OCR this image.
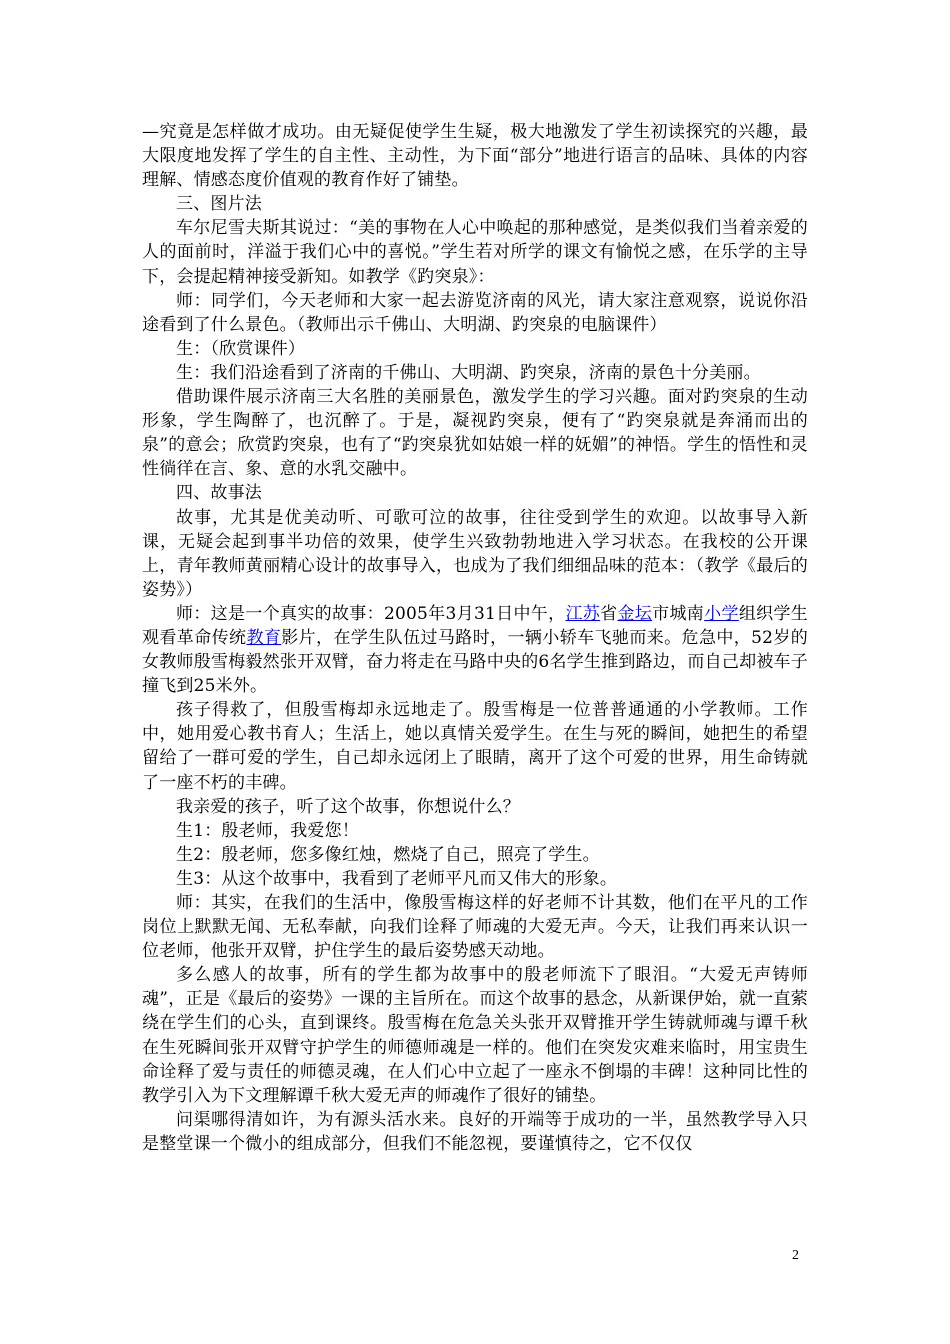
—究竟是怎样做才成功。由无疑促使学生生疑，极大地激发了学生初读探究的兴趣，最大限度地发挥了学生的自主性、主动性，为下面“部分”地进行语言的品味、具体的内容理解、情感态度价值观的教育作好了铺垫。

三、图片法

车尔尼雪夫斯其说过：“美的事物在人心中唤起的那种感觉，是类似我们当着亲爱的人的面前时，洋溢于我们心中的喜悦。”学生若对所学的课文有愉悦之感，在乐学的主导下，会提起精神接受新知。如教学《趵突泉》：

师：同学们，今天老师和大家一起去游览济南的风光，请大家注意观察，说说你沿途看到了什么景色。（教师出示千佛山、大明湖、趵突泉的电脑课件）

生：（欣赏课件）

生：我们沿途看到了济南的千佛山、大明湖、趵突泉，济南的景色十分美丽。

借助课件展示济南三大名胜的美丽景色，激发学生的学习兴趣。面对趵突泉的生动形象，学生陶醉了，也沉醉了。于是，凝视趵突泉，便有了“趵突泉就是奔涌而出的泉”的意会；欣赏趵突泉，也有了“趵突泉犹如姑娘一样的妩媚”的神悟。学生的悟性和灵性徜徉在言、象、意的水乳交融中。

四、故事法

故事，尤其是优美动听、可歌可泣的故事，往往受到学生的欢迎。以故事导入新课，无疑会起到事半功倍的效果，使学生兴致勃勃地进入学习状态。在我校的公开课上，青年教师黄丽精心设计的故事导入，也成为了我们细细品味的范本：（教学《最后的姿势》）

师：这是一个真实的故事：2005年3月31日中午，江苏省金坛市城南小学组织学生观看革命传统教育影片，在学生队伍过马路时，一辆小轿车飞驰而来。危急中，52岁的女教师殷雪梅毅然张开双臂，奋力将走在马路中央的6名学生推到路边，而自己却被车子撞飞到25米外。

孩子得救了，但殷雪梅却永远地走了。殷雪梅是一位普普通通的小学教师。工作中，她用爱心教书育人；生活上，她以真情关爱学生。在生与死的瞬间，她把生的希望留给了一群可爱的学生，自己却永远闭上了眼睛，离开了这个可爱的世界，用生命铸就了一座不朽的丰碑。

我亲爱的孩子，听了这个故事，你想说什么？

生1：殷老师，我爱您！

生2：殷老师，您多像红烛，燃烧了自己，照亮了学生。

生3：从这个故事中，我看到了老师平凡而又伟大的形象。

师：其实，在我们的生活中，像殷雪梅这样的好老师不计其数，他们在平凡的工作岗位上默默无闻、无私奉献，向我们诠释了师魂的大爱无声。今天，让我们再来认识一位老师，他张开双臂，护住学生的最后姿势感天动地。

多么感人的故事，所有的学生都为故事中的殷老师流下了眼泪。“大爱无声铸师魂”，正是《最后的姿势》一课的主旨所在。而这个故事的悬念，从新课伊始，就一直萦绕在学生们的心头，直到课终。殷雪梅在危急关头张开双臂推开学生铸就师魂与谭千秋在生死瞬间张开双臂守护学生的师德师魂是一样的。他们在突发灾难来临时，用宝贵生命诠释了爱与责任的师德灵魂，在人们心中立起了一座永不倒塌的丰碑！这种同比性的教学引入为下文理解谭千秋大爱无声的师魂作了很好的铺垫。

问渠哪得清如许，为有源头活水来。良好的开端等于成功的一半，虽然教学导入只是整堂课一个微小的组成部分，但我们不能忽视，要谨慎待之，它不仅仅

2
